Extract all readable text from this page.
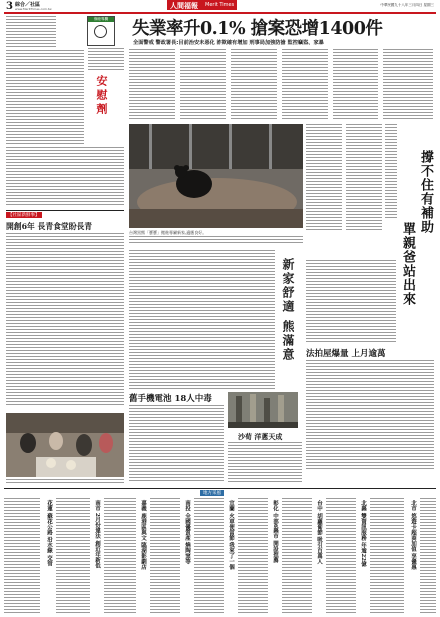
3 綜合／社區
www.MeritTimes.com.tw	人間福報 Merit Times	中華民國九十八年三月四日 星期三
失業率升0.1% 搶案恐增1400件
全面警戒 警政署長:目前治安未惡化 詐欺確有增加 刑事局加強防搶 監控竊盜、家暴
修睦專欄
安慰劑
【社區新鮮事】
開創6年 長青食堂盼長青
台灣黑熊「寶寶」搬進專屬新家,適應良好。	撐不住有補助
單親爸站出來
新家舒適 熊滿意 法拍屋爆量 上月逾萬
舊手機電池 18人中毒
沙荀 洋蔥天成
地方采風
花蓮 蘇花公路 沿水線 交管	南市 2月份違法 創近年新低	嘉義 鹿港區與文 臨湖影劇店	南投 全國優質產 燒陶窯等	宜蘭 火車便當節 我來了一個	彰化 中部6縣市 開設推薦	台中 胡蘿蔔節 吸引百萬人	北縣 雙資訊服務 年逾22億	北市 悠遊卡超商加值 享優惠
